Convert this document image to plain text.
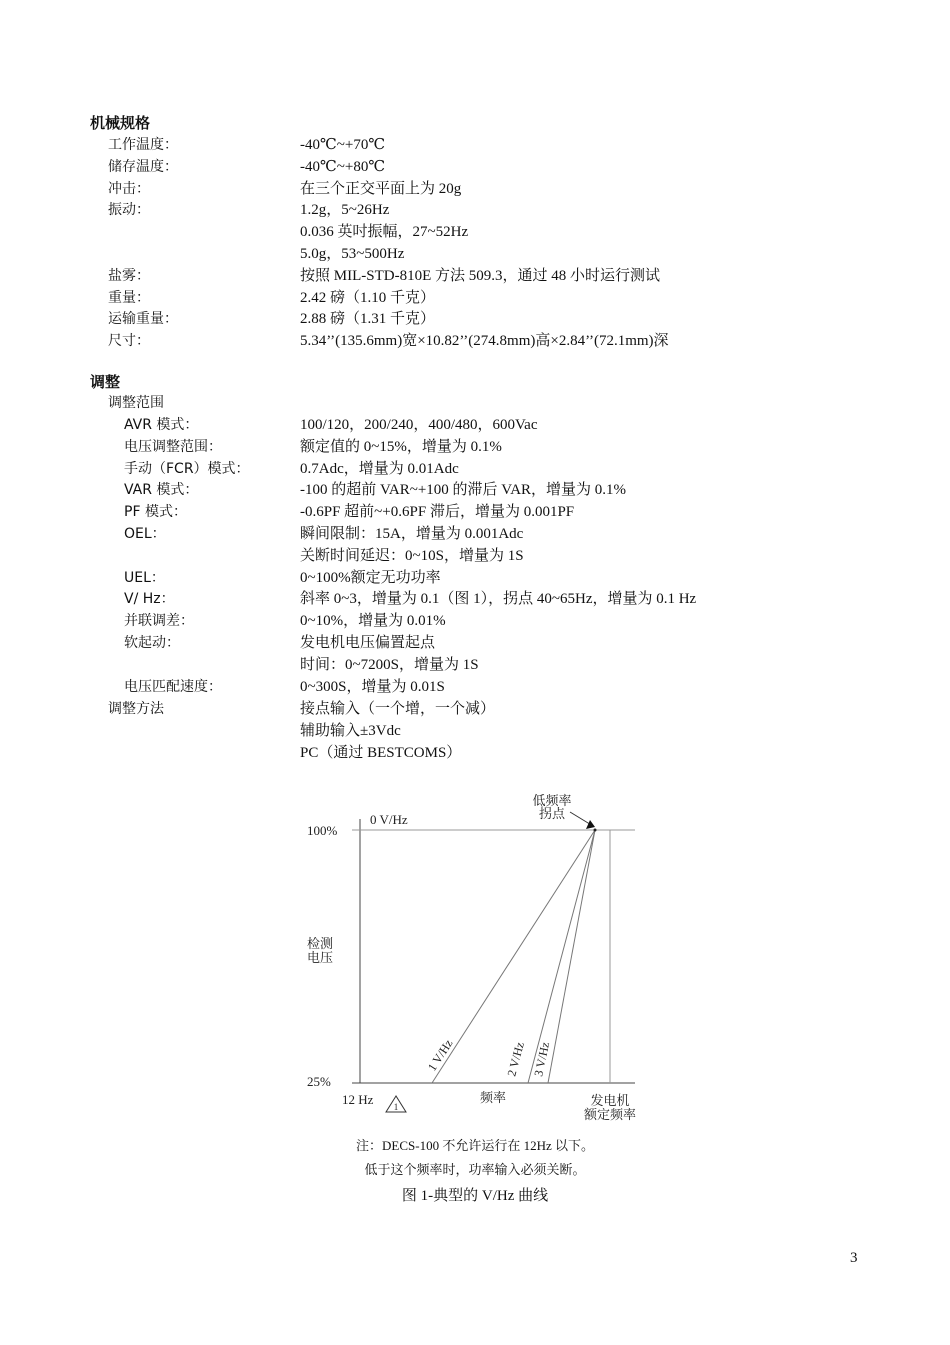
机械规格
工作温度：	-40℃~+70℃
储存温度：	-40℃~+80℃
冲击：	在三个正交平面上为 20g
振动：	1.2g，5~26Hz
0.036 英吋振幅，27~52Hz
5.0g，53~500Hz
盐雾：	按照 MIL-STD-810E 方法 509.3，通过 48 小时运行测试
重量：	2.42 磅（1.10 千克）
运输重量：	2.88 磅（1.31 千克）
尺寸：	5.34’’(135.6mm)宽×10.82’’(274.8mm)高×2.84’’(72.1mm)深
调整
调整范围
AVR 模式：	100/120，200/240，400/480，600Vac
电压调整范围：	额定值的 0~15%，增量为 0.1%
手动（FCR）模式：	0.7Adc，增量为 0.01Adc
VAR 模式：	-100 的超前 VAR~+100 的滞后 VAR，增量为 0.1%
PF 模式：	-0.6PF 超前~+0.6PF 滞后，增量为 0.001PF
OEL：	瞬间限制：15A，增量为 0.001Adc
关断时间延迟：0~10S，增量为 1S
UEL：	0~100%额定无功功率
V/ Hz：	斜率 0~3，增量为 0.1（图 1），拐点 40~65Hz，增量为 0.1 Hz
并联调差：	0~10%，增量为 0.01%
软起动：	发电机电压偏置起点
时间：0~7200S，增量为 1S
电压匹配速度：	0~300S，增量为 0.01S
调整方法	接点输入（一个增，一个减）
辅助输入±3Vdc
PC（通过 BESTCOMS）
低频率
拐点
1 V/Hz	2 V/Hz 3 V/Hz
0 V/Hz
100%
25%
检测
电压
12 Hz 1
频率	发电机
额定频率
注：DECS-100 不允许运行在 12Hz 以下。
低于这个频率时，功率输入必须关断。
图 1-典型的 V/Hz 曲线
3
